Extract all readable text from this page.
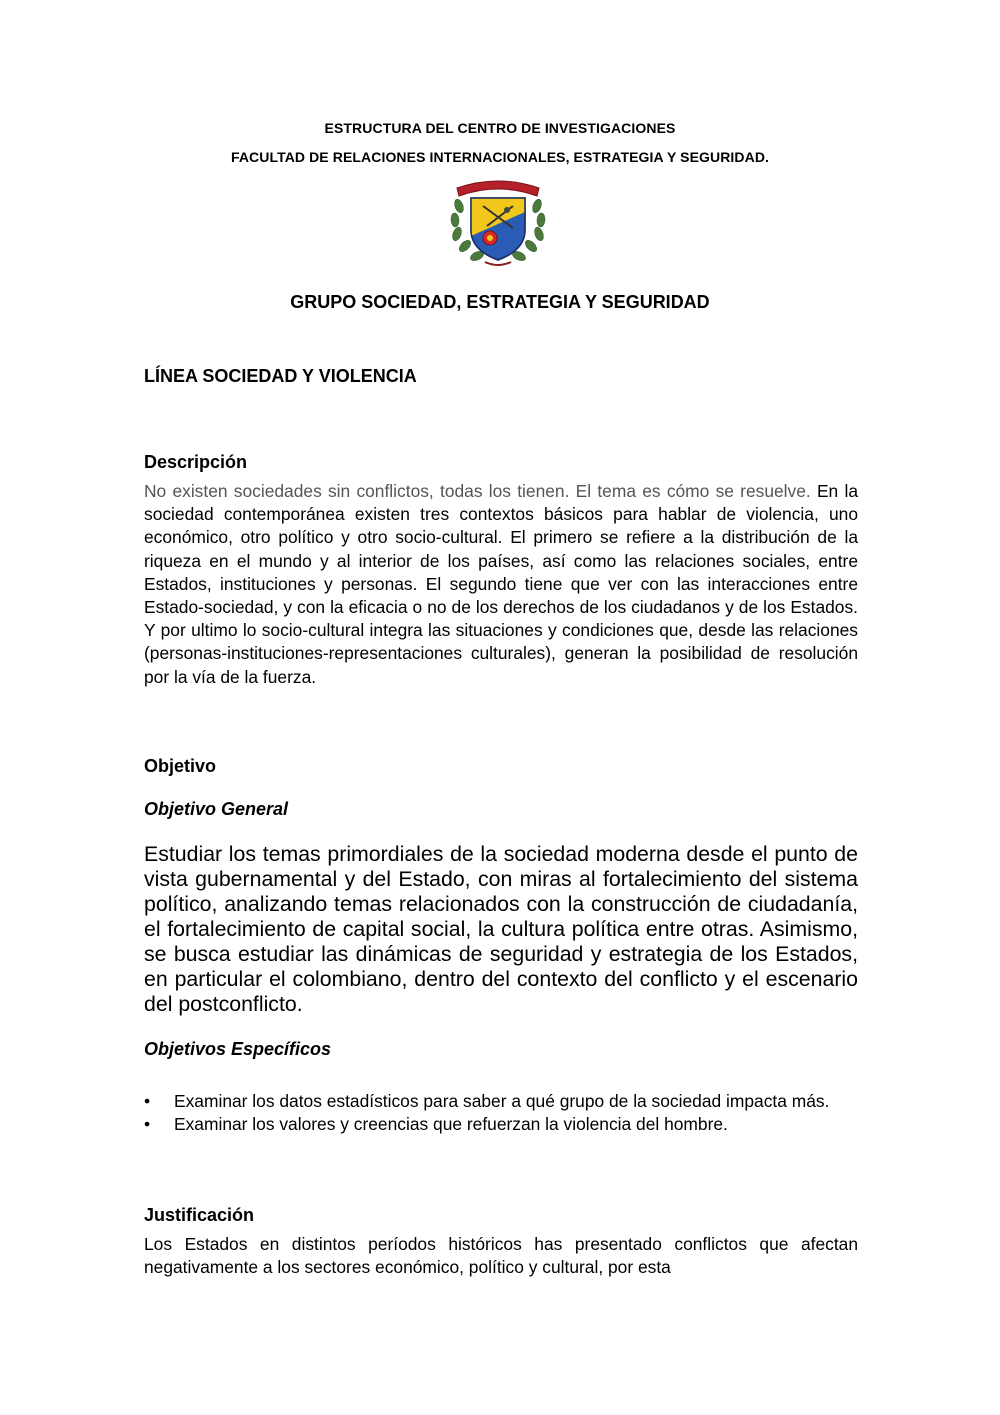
ESTRUCTURA DEL CENTRO DE INVESTIGACIONES
FACULTAD DE RELACIONES INTERNACIONALES, ESTRATEGIA Y SEGURIDAD.
GRUPO SOCIEDAD, ESTRATEGIA Y SEGURIDAD
LÍNEA SOCIEDAD Y VIOLENCIA
Descripción
No existen sociedades sin conflictos, todas los tienen. El tema es cómo se resuelve. En la sociedad contemporánea existen tres contextos básicos para hablar de violencia, uno económico, otro político y otro socio-cultural. El primero se refiere a la distribución de la riqueza en el mundo y al interior de los países, así como las relaciones sociales, entre Estados, instituciones y personas. El segundo tiene que ver con las interacciones entre Estado-sociedad, y con la eficacia o no de los derechos de los ciudadanos y de los Estados. Y por ultimo lo socio-cultural integra las situaciones y condiciones que, desde las relaciones (personas-instituciones-representaciones culturales), generan la posibilidad de resolución por la vía de la fuerza.
Objetivo
Objetivo General
Estudiar los temas primordiales de la sociedad moderna desde el punto de vista gubernamental y del Estado, con miras al fortalecimiento del sistema político, analizando temas relacionados con la construcción de ciudadanía, el fortalecimiento de capital social, la cultura política entre otras. Asimismo, se busca estudiar las dinámicas de seguridad y estrategia de los Estados, en particular el colombiano, dentro del contexto del conflicto y el escenario del postconflicto.
Objetivos Específicos
• Examinar los datos estadísticos para saber a qué grupo de la sociedad impacta más.
• Examinar los valores y creencias que refuerzan la violencia del hombre.
Justificación
Los Estados en distintos períodos históricos has presentado conflictos que afectan negativamente a los sectores económico, político y cultural, por esta
